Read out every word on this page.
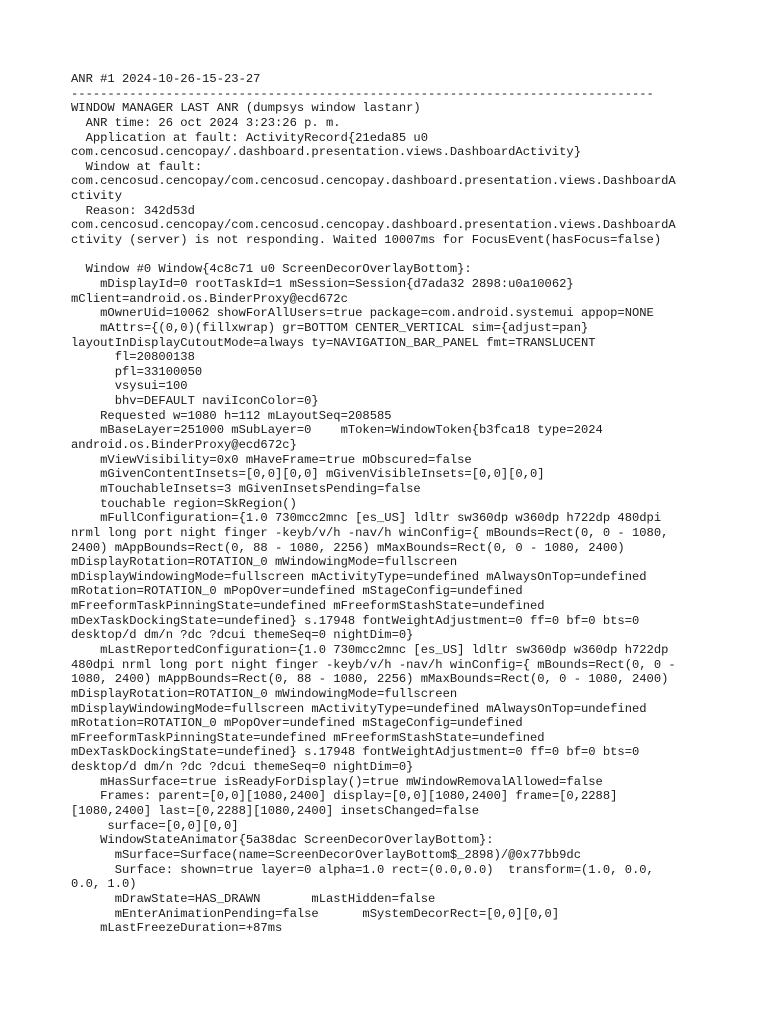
ANR #1 2024-10-26-15-23-27
--------------------------------------------------------------------------------
WINDOW MANAGER LAST ANR (dumpsys window lastanr)
ANR time: 26 oct 2024 3:23:26 p. m.
Application at fault: ActivityRecord{21eda85 u0
com.cencosud.cencopay/.dashboard.presentation.views.DashboardActivity}
Window at fault:
com.cencosud.cencopay/com.cencosud.cencopay.dashboard.presentation.views.DashboardA
ctivity
Reason: 342d53d
com.cencosud.cencopay/com.cencosud.cencopay.dashboard.presentation.views.DashboardA
ctivity (server) is not responding. Waited 10007ms for FocusEvent(hasFocus=false)

Window #0 Window{4c8c71 u0 ScreenDecorOverlayBottom}:
mDisplayId=0 rootTaskId=1 mSession=Session{d7ada32 2898:u0a10062}
mClient=android.os.BinderProxy@ecd672c
mOwnerUid=10062 showForAllUsers=true package=com.android.systemui appop=NONE
mAttrs={(0,0)(fillxwrap) gr=BOTTOM CENTER_VERTICAL sim={adjust=pan}
layoutInDisplayCutoutMode=always ty=NAVIGATION_BAR_PANEL fmt=TRANSLUCENT
fl=20800138
pfl=33100050
vsysui=100
bhv=DEFAULT naviIconColor=0}
Requested w=1080 h=112 mLayoutSeq=208585
mBaseLayer=251000 mSubLayer=0    mToken=WindowToken{b3fca18 type=2024
android.os.BinderProxy@ecd672c}
mViewVisibility=0x0 mHaveFrame=true mObscured=false
mGivenContentInsets=[0,0][0,0] mGivenVisibleInsets=[0,0][0,0]
mTouchableInsets=3 mGivenInsetsPending=false
touchable region=SkRegion()
mFullConfiguration={1.0 730mcc2mnc [es_US] ldltr sw360dp w360dp h722dp 480dpi
nrml long port night finger -keyb/v/h -nav/h winConfig={ mBounds=Rect(0, 0 - 1080,
2400) mAppBounds=Rect(0, 88 - 1080, 2256) mMaxBounds=Rect(0, 0 - 1080, 2400)
mDisplayRotation=ROTATION_0 mWindowingMode=fullscreen
mDisplayWindowingMode=fullscreen mActivityType=undefined mAlwaysOnTop=undefined
mRotation=ROTATION_0 mPopOver=undefined mStageConfig=undefined
mFreeformTaskPinningState=undefined mFreeformStashState=undefined
mDexTaskDockingState=undefined} s.17948 fontWeightAdjustment=0 ff=0 bf=0 bts=0
desktop/d dm/n ?dc ?dcui themeSeq=0 nightDim=0}
mLastReportedConfiguration={1.0 730mcc2mnc [es_US] ldltr sw360dp w360dp h722dp
480dpi nrml long port night finger -keyb/v/h -nav/h winConfig={ mBounds=Rect(0, 0 -
1080, 2400) mAppBounds=Rect(0, 88 - 1080, 2256) mMaxBounds=Rect(0, 0 - 1080, 2400)
mDisplayRotation=ROTATION_0 mWindowingMode=fullscreen
mDisplayWindowingMode=fullscreen mActivityType=undefined mAlwaysOnTop=undefined
mRotation=ROTATION_0 mPopOver=undefined mStageConfig=undefined
mFreeformTaskPinningState=undefined mFreeformStashState=undefined
mDexTaskDockingState=undefined} s.17948 fontWeightAdjustment=0 ff=0 bf=0 bts=0
desktop/d dm/n ?dc ?dcui themeSeq=0 nightDim=0}
mHasSurface=true isReadyForDisplay()=true mWindowRemovalAllowed=false
Frames: parent=[0,0][1080,2400] display=[0,0][1080,2400] frame=[0,2288]
[1080,2400] last=[0,2288][1080,2400] insetsChanged=false
surface=[0,0][0,0]
WindowStateAnimator{5a38dac ScreenDecorOverlayBottom}:
mSurface=Surface(name=ScreenDecorOverlayBottom$_2898)/@0x77bb9dc
Surface: shown=true layer=0 alpha=1.0 rect=(0.0,0.0)  transform=(1.0, 0.0,
0.0, 1.0)
mDrawState=HAS_DRAWN       mLastHidden=false
mEnterAnimationPending=false      mSystemDecorRect=[0,0][0,0]
mLastFreezeDuration=+87ms
